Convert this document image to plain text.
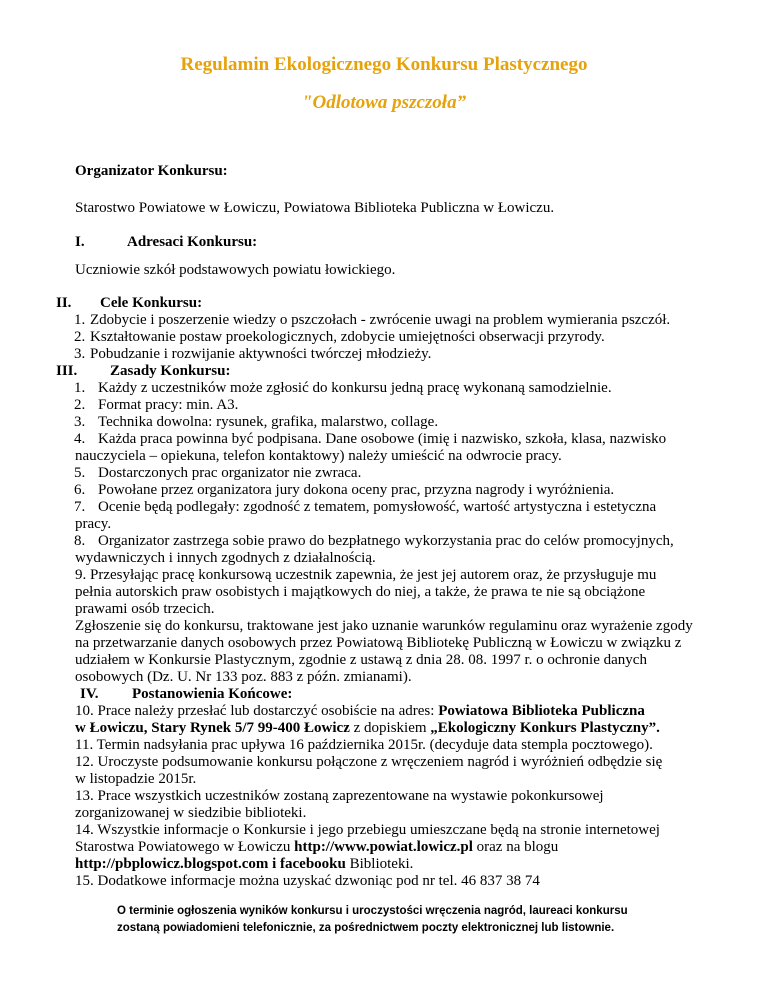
Regulamin Ekologicznego Konkursu Plastycznego
"Odlotowa pszczoła”
Organizator Konkursu:
Starostwo Powiatowe w Łowiczu, Powiatowa Biblioteka Publiczna w Łowiczu.
I.	Adresaci Konkursu:
Uczniowie szkół podstawowych powiatu łowickiego.
II. Cele Konkursu:
1. Zdobycie i poszerzenie wiedzy o pszczołach - zwrócenie uwagi na problem wymierania pszczół.
2. Kształtowanie postaw proekologicznych, zdobycie umiejętności obserwacji przyrody.
3. Pobudzanie i rozwijanie aktywności twórczej młodzieży.
III. Zasady Konkursu:
1. Każdy z uczestników może zgłosić do konkursu jedną pracę wykonaną samodzielnie.
2. Format pracy: min. A3.
3. Technika dowolna: rysunek, grafika, malarstwo, collage.
4. Każda praca powinna być podpisana. Dane osobowe (imię i nazwisko, szkoła, klasa, nazwisko
nauczyciela – opiekuna, telefon kontaktowy) należy umieścić na odwrocie pracy.
5. Dostarczonych prac organizator nie zwraca.
6. Powołane przez organizatora jury dokona oceny prac, przyzna nagrody i wyróżnienia.
7. Ocenie będą podlegały: zgodność z tematem, pomysłowość, wartość artystyczna i estetyczna
pracy.
8. Organizator zastrzega sobie prawo do bezpłatnego wykorzystania prac do celów promocyjnych,
wydawniczych i innych zgodnych z działalnością.
9. Przesyłając pracę konkursową uczestnik zapewnia, że jest jej autorem oraz, że przysługuje mu
pełnia autorskich praw osobistych i majątkowych do niej, a także, że prawa te nie są obciążone
prawami osób trzecich.
Zgłoszenie się do konkursu, traktowane jest jako uznanie warunków regulaminu oraz wyrażenie zgody
na przetwarzanie danych osobowych przez Powiatową Bibliotekę Publiczną w Łowiczu w związku z
udziałem w Konkursie Plastycznym, zgodnie z ustawą z dnia 28. 08. 1997 r. o ochronie danych
osobowych (Dz. U. Nr 133 poz. 883 z późn. zmianami).
IV. Postanowienia Końcowe:
10. Prace należy przesłać lub dostarczyć osobiście na adres: Powiatowa Biblioteka Publiczna
w Łowiczu, Stary Rynek 5/7 99-400 Łowicz z dopiskiem „Ekologiczny Konkurs Plastyczny”.
11. Termin nadsyłania prac upływa 16 października 2015r. (decyduje data stempla pocztowego).
12. Uroczyste podsumowanie konkursu połączone z wręczeniem nagród i wyróżnień odbędzie się
w listopadzie 2015r.
13. Prace wszystkich uczestników zostaną zaprezentowane na wystawie pokonkursowej
zorganizowanej w siedzibie biblioteki.
14. Wszystkie informacje o Konkursie i jego przebiegu umieszczane będą na stronie internetowej
Starostwa Powiatowego w Łowiczu http://www.powiat.lowicz.pl oraz na blogu
http://pbplowicz.blogspot.com i facebooku Biblioteki.
15. Dodatkowe informacje można uzyskać dzwoniąc pod nr tel. 46 837 38 74
O terminie ogłoszenia wyników konkursu i uroczystości wręczenia nagród, laureaci konkursu
zostaną powiadomieni telefonicznie, za pośrednictwem poczty elektronicznej lub listownie.
